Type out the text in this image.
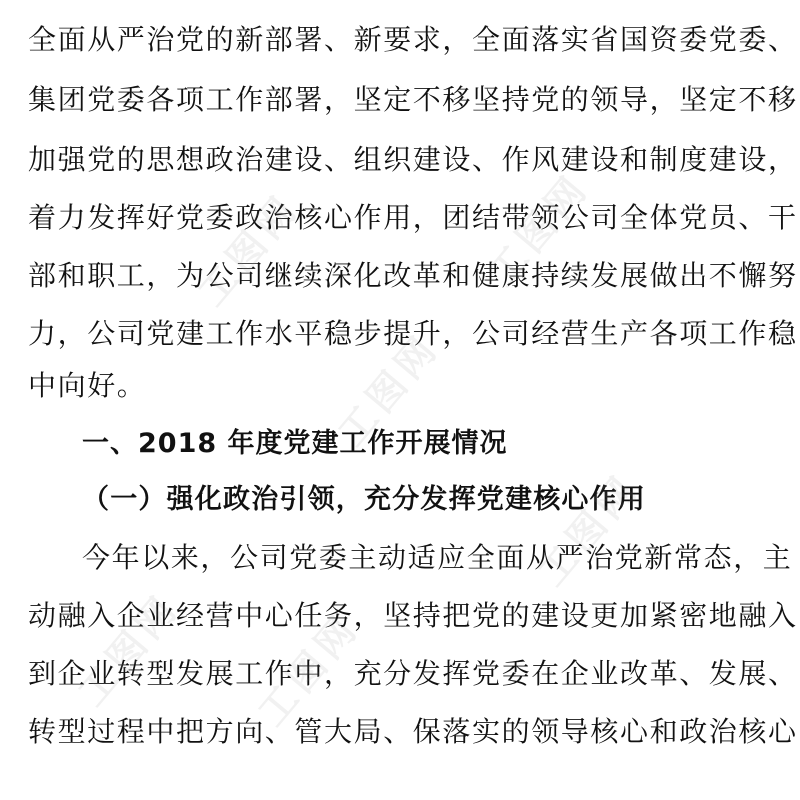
全面从严治党的新部署、新要求，全面落实省国资委党委、
集团党委各项工作部署，坚定不移坚持党的领导，坚定不移
加强党的思想政治建设、组织建设、作风建设和制度建设，
着力发挥好党委政治核心作用，团结带领公司全体党员、干
部和职工，为公司继续深化改革和健康持续发展做出不懈努
力，公司党建工作水平稳步提升，公司经营生产各项工作稳
中向好。
一、2018 年度党建工作开展情况
（一）强化政治引领，充分发挥党建核心作用
今年以来，公司党委主动适应全面从严治党新常态，主
动融入企业经营中心任务，坚持把党的建设更加紧密地融入
到企业转型发展工作中，充分发挥党委在企业改革、发展、
转型过程中把方向、管大局、保落实的领导核心和政治核心
工图网	工图网
工图网
工图网
工图网 工图网
